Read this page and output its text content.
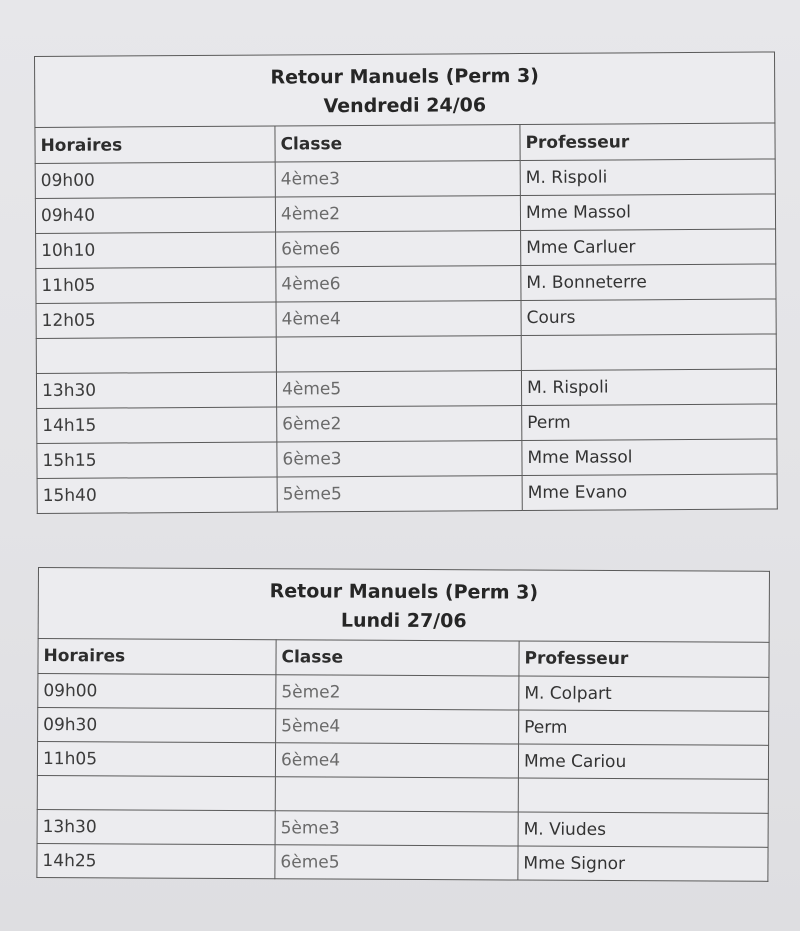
Retour Manuels (Perm 3)
Vendredi 24/06		

Horaires	Classe	Professeur
09h00	4ème3	M. Rispoli
09h40	4ème2	Mme Massol
10h10	6ème6	Mme Carluer
11h05	4ème6	M. Bonneterre
12h05	4ème4	Cours

13h30	4ème5	M. Rispoli
14h15	6ème2	Perm
15h15	6ème3	Mme Massol
15h40	5ème5	Mme Evano
Retour Manuels (Perm 3)
Lundi 27/06		

Horaires	Classe	Professeur
09h00	5ème2	M. Colpart
09h30	5ème4	Perm
11h05	6ème4	Mme Cariou

13h30	5ème3	M. Viudes
14h25	6ème5	Mme Signor
